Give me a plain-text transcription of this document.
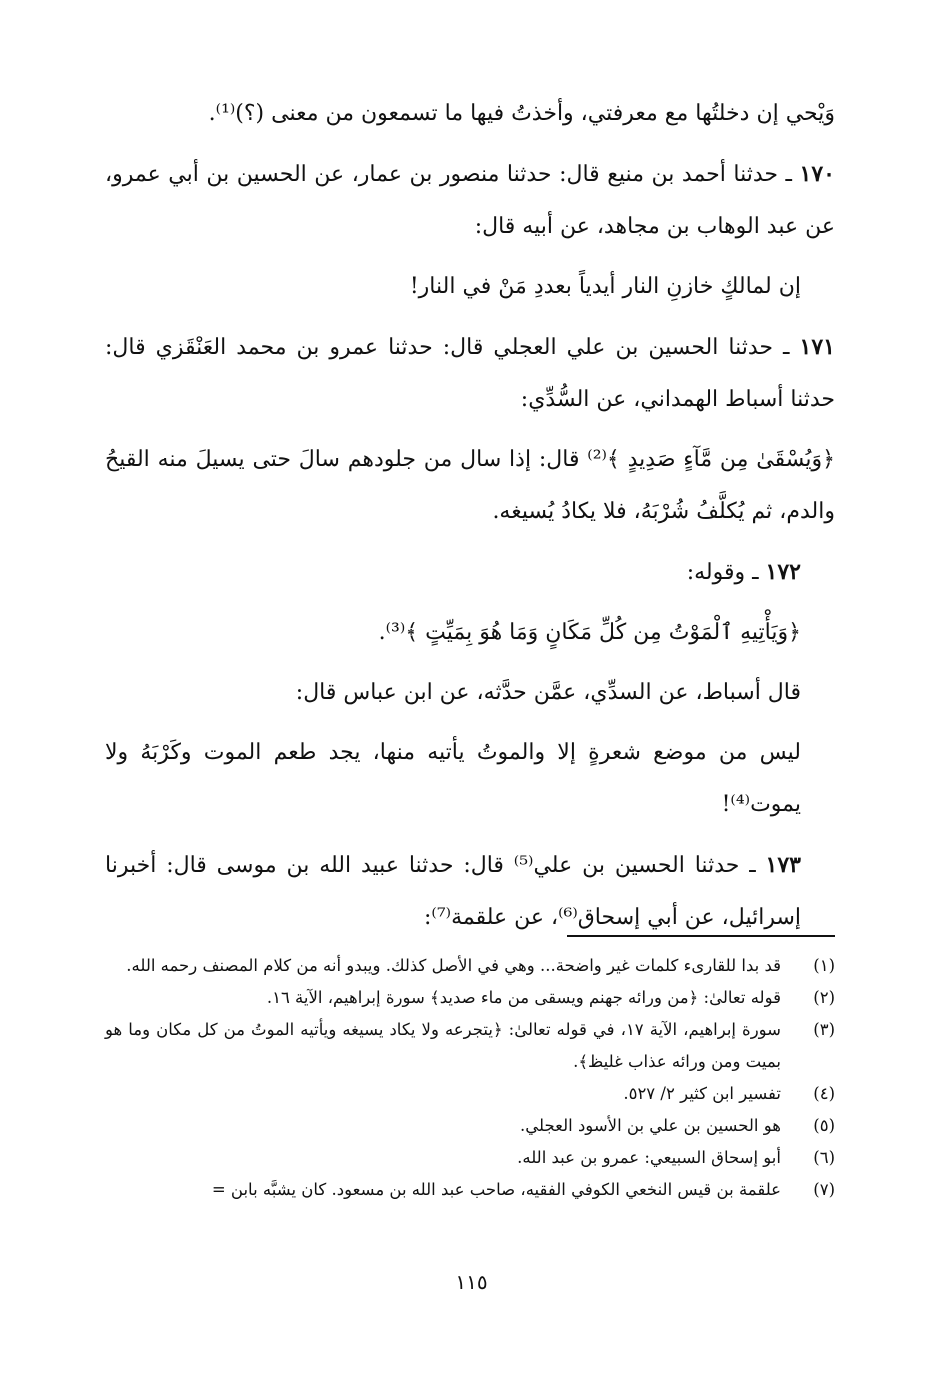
وَيْحي إن دخلتُها مع معرفتي، وأخذتُ فيها ما تسمعون من معنى (؟)⁽¹⁾.

١٧٠ ـ حدثنا أحمد بن منيع قال: حدثنا منصور بن عمار، عن الحسين بن أبي عمرو، عن عبد الوهاب بن مجاهد، عن أبيه قال:

إن لمالكٍ خازنِ النار أيدياً بعددِ مَنْ في النار!

١٧١ ـ حدثنا الحسين بن علي العجلي قال: حدثنا عمرو بن محمد العَنْقَزي قال: حدثنا أسباط الهمداني، عن السُّدِّي:

﴿وَيُسْقَىٰ مِن مَّآءٍ صَدِيدٍ ﴾⁽²⁾ قال: إذا سال من جلودهم سالَ حتى يسيلَ منه القيحُ والدم، ثم يُكلَّفُ شُرْبَهُ، فلا يكادُ يُسيغه.

١٧٢ ـ وقوله:

﴿وَيَأْتِيهِ ٱلْمَوْتُ مِن كُلِّ مَكَانٍ وَمَا هُوَ بِمَيِّتٍ ﴾⁽³⁾.

قال أسباط، عن السدِّي، عمَّن حدَّثه، عن ابن عباس قال:

ليس من موضع شعرةٍ إلا والموتُ يأتيه منها، يجد طعم الموت وكَرْبَهُ ولا يموت⁽⁴⁾!

١٧٣ ـ حدثنا الحسين بن علي⁽⁵⁾ قال: حدثنا عبيد الله بن موسى قال: أخبرنا إسرائيل، عن أبي إسحاق⁽⁶⁾، عن علقمة⁽⁷⁾:

(١)
قد بدا للقارىء كلمات غير واضحة... وهي في الأصل كذلك. ويبدو أنه من كلام المصنف رحمه الله.
(٢)
قوله تعالىٰ: ﴿من ورائه جهنم ويسقى من ماء صديد﴾ سورة إبراهيم، الآية ١٦.
(٣)
سورة إبراهيم، الآية ١٧، في قوله تعالىٰ: ﴿يتجرعه ولا يكاد يسيغه ويأتيه الموتُ من كل مكان وما هو بميت ومن ورائه عذاب غليظ﴾.
(٤)
تفسير ابن كثير ٢/ ٥٢٧.
(٥)
هو الحسين بن علي بن الأسود العجلي.
(٦)
أبو إسحاق السبيعي: عمرو بن عبد الله.
(٧)
علقمة بن قيس النخعي الكوفي الفقيه، صاحب عبد الله بن مسعود. كان يشبَّه بابن =
١١٥
